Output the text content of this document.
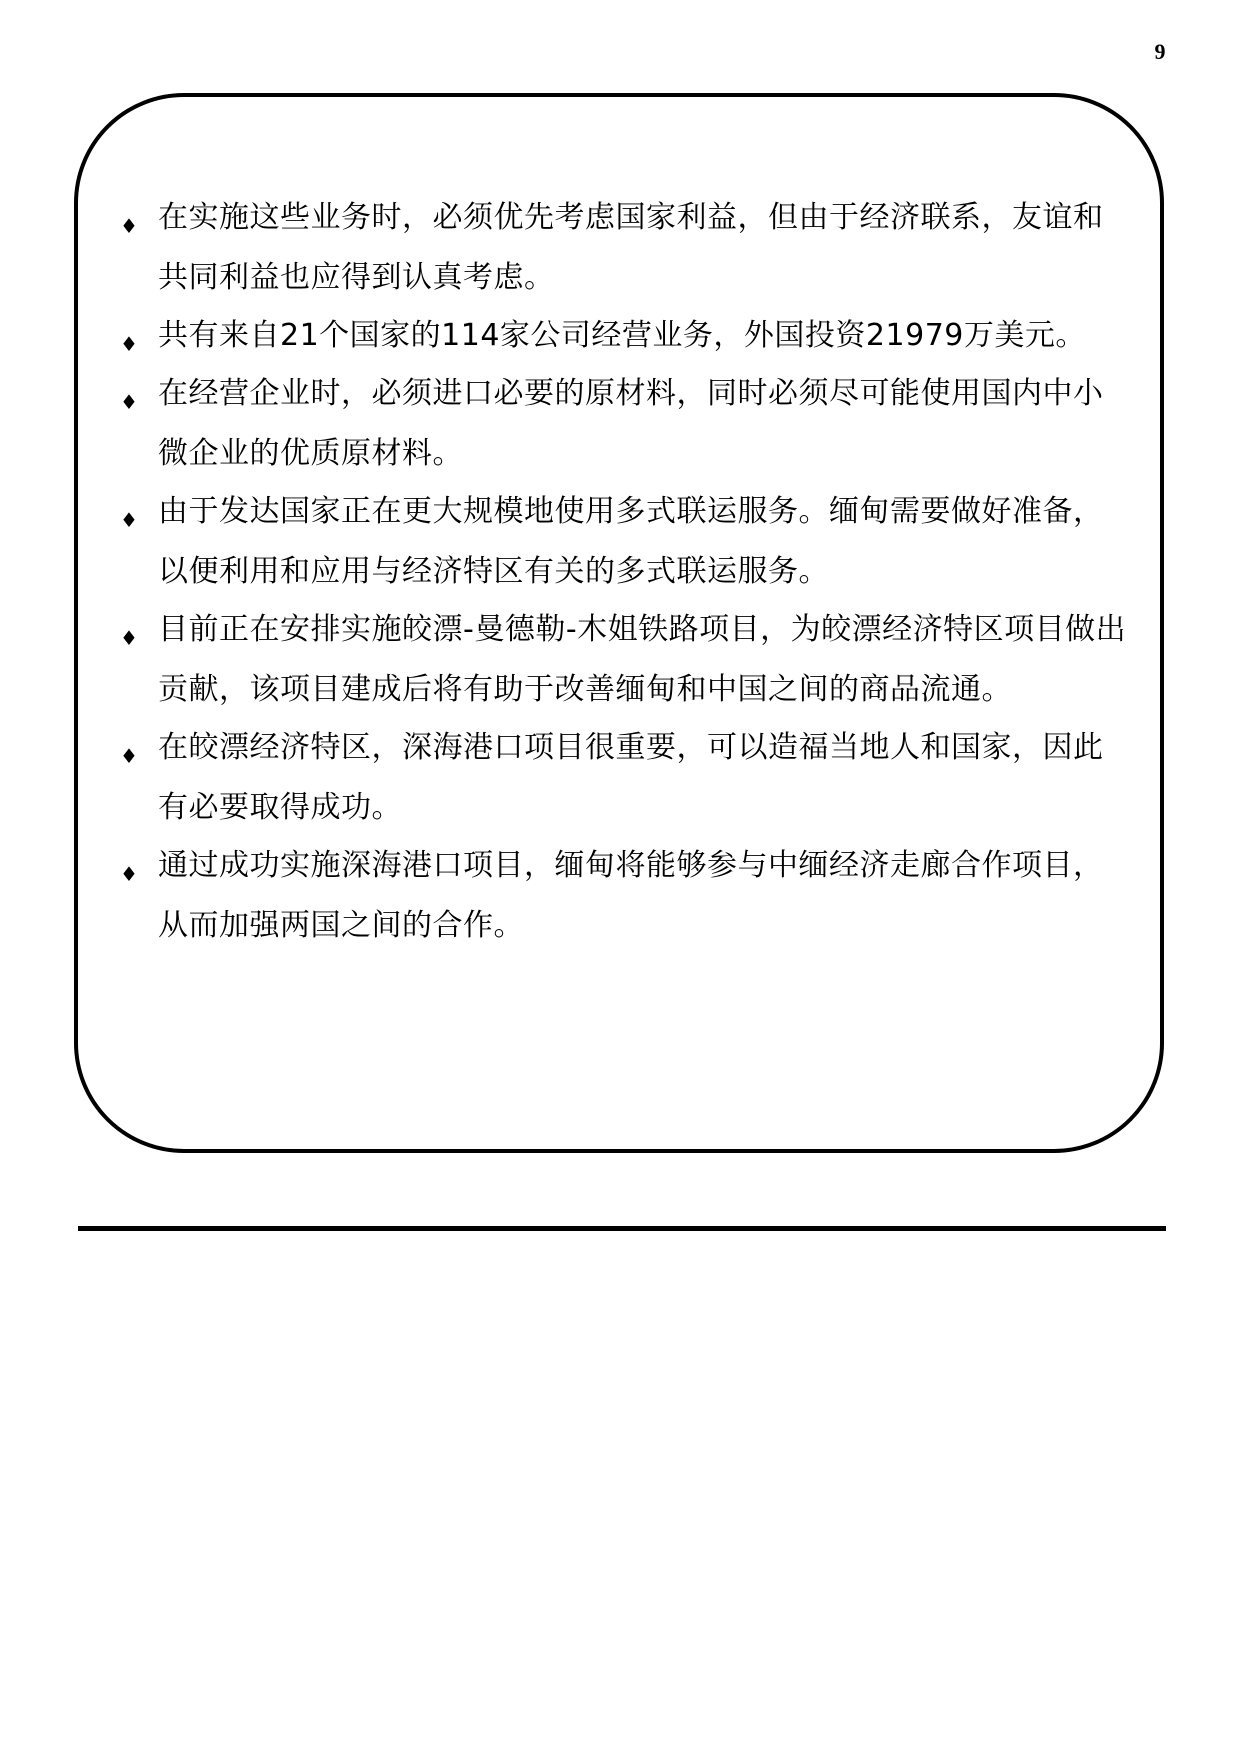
9
♦ 在实施这些业务时，必须优先考虑国家利益，但由于经济联系，友谊和共同利益也应得到认真考虑。
♦ 共有来自21个国家的114家公司经营业务，外国投资21979万美元。
♦ 在经营企业时，必须进口必要的原材料，同时必须尽可能使用国内中小微企业的优质原材料。
♦ 由于发达国家正在更大规模地使用多式联运服务。缅甸需要做好准备，以便利用和应用与经济特区有关的多式联运服务。
♦ 目前正在安排实施皎漂-曼德勒-木姐铁路项目，为皎漂经济特区项目做出贡献，该项目建成后将有助于改善缅甸和中国之间的商品流通。
♦ 在皎漂经济特区，深海港口项目很重要，可以造福当地人和国家，因此有必要取得成功。
♦ 通过成功实施深海港口项目，缅甸将能够参与中缅经济走廊合作项目，从而加强两国之间的合作。
